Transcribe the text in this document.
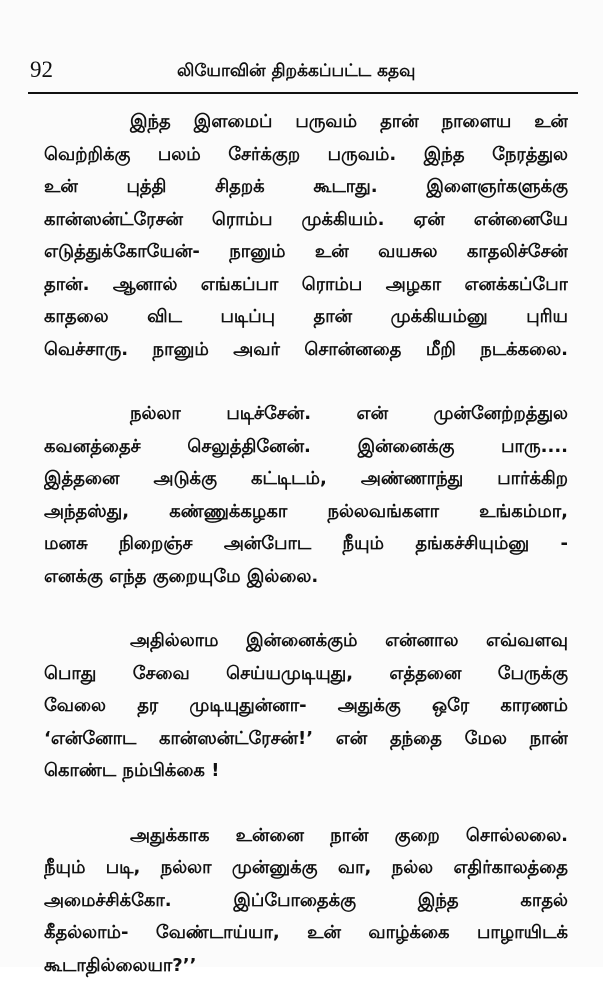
92	லியோவின் திறக்கப்பட்ட கதவு
இந்த இளமைப் பருவம் தான் நாளைய உன்
வெற்றிக்கு பலம் சேர்க்குற பருவம். இந்த நேரத்துல
உன் புத்தி சிதறக் கூடாது. இளைஞர்களுக்கு
கான்ஸன்ட்ரேசன் ரொம்ப முக்கியம். ஏன் என்னையே
எடுத்துக்கோயேன்- நானும் உன் வயசுல காதலிச்சேன்
தான். ஆனால் எங்கப்பா ரொம்ப அழகா எனக்கப்போ
காதலை விட படிப்பு தான் முக்கியம்னு புரிய
வெச்சாரு. நானும் அவர் சொன்னதை மீறி நடக்கலை.
நல்லா படிச்சேன். என் முன்னேற்றத்துல
கவனத்தைச் செலுத்தினேன். இன்னைக்கு பாரு....
இத்தனை அடுக்கு கட்டிடம், அண்ணாந்து பார்க்கிற
அந்தஸ்து, கண்ணுக்கழகா நல்லவங்களா உங்கம்மா,
மனசு நிறைஞ்ச அன்போட நீயும் தங்கச்சியும்னு -
எனக்கு எந்த குறையுமே இல்லை.
அதில்லாம இன்னைக்கும் என்னால எவ்வளவு
பொது சேவை செய்யமுடியுது, எத்தனை பேருக்கு
வேலை தர முடியுதுன்னா- அதுக்கு ஒரே காரணம்
‘என்னோட கான்ஸன்ட்ரேசன்!’ என் தந்தை மேல நான்
கொண்ட நம்பிக்கை !
அதுக்காக உன்னை நான் குறை சொல்லலை.
நீயும் படி, நல்லா முன்னுக்கு வா, நல்ல எதிர்காலத்தை
அமைச்சிக்கோ. இப்போதைக்கு இந்த காதல்
கீதல்லாம்- வேண்டாய்யா, உன் வாழ்க்கை பாழாயிடக்
கூடாதில்லையா?’’
